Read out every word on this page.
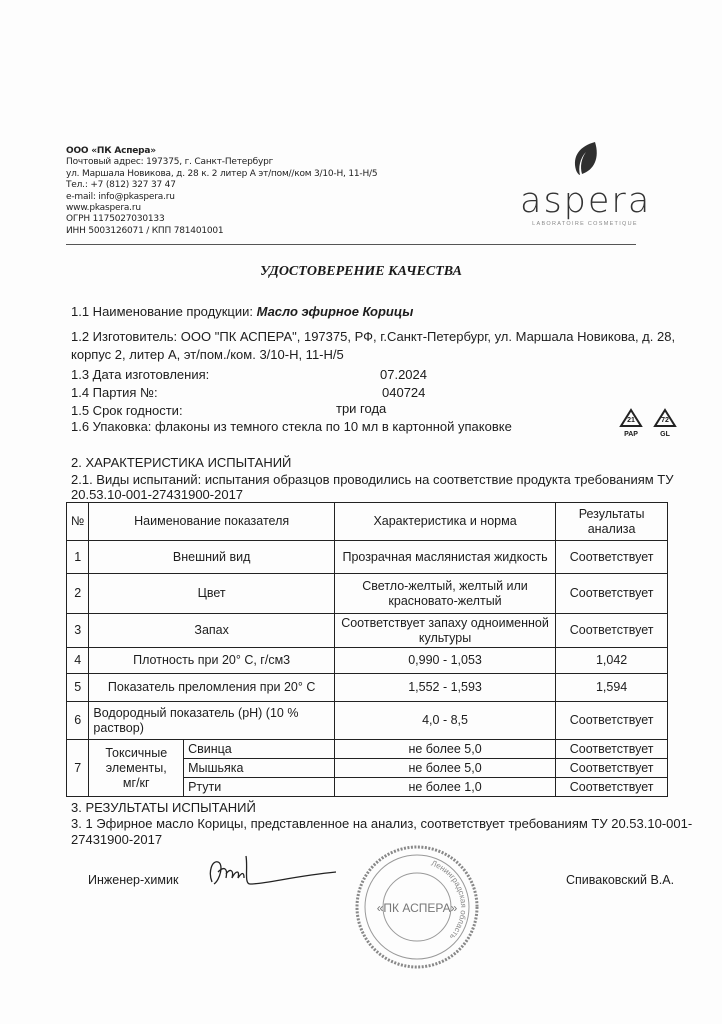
ООО «ПК Аспера»
Почтовый адрес: 197375, г. Санкт-Петербург
ул. Маршала Новикова, д. 28 к. 2 литер А эт/пом//ком 3/10-Н, 11-Н/5
Тел.: +7 (812) 327 37 47
e-mail: info@pkaspera.ru
www.pkaspera.ru
ОГРН 1175027030133
ИНН 5003126071 / КПП 781401001
aspera
LABORATOIRE COSMETIQUE
УДОСТОВЕРЕНИЕ КАЧЕСТВА
1.1 Наименование продукции: Масло эфирное Корицы
1.2 Изготовитель: ООО "ПК АСПЕРА", 197375, РФ, г.Санкт-Петербург, ул. Маршала Новикова, д. 28,
корпус 2, литер А, эт/пом./ком. 3/10-Н, 11-Н/5
1.3 Дата изготовления:	07.2024
1.4 Партия №:	040724
1.5 Срок годности:	три года
1.6 Упаковка: флаконы из темного стекла по 10 мл в картонной упаковке	21
PAP
72
GL
2. ХАРАКТЕРИСТИКА ИСПЫТАНИЙ
2.1. Виды испытаний: испытания образцов проводились на соответствие продукта требованиям ТУ
20.53.10-001-27431900-2017
№	Наименование показателя		Характеристика и норма	Результаты
анализа

1	Внешний вид		Прозрачная маслянистая жидкость	Соответствует
2	Цвет		Светло-желтый, желтый или
красновато-желтый	Соответствует
3	Запах		Соответствует запаху одноименной
культуры	Соответствует
4	Плотность при 20° С, г/см3		0,990 - 1,053	1,042
5	Показатель преломления при 20° С		1,552 - 1,593	1,594
6	Водородный показатель (pH) (10 %
раствор)		4,0 - 8,5	Соответствует
7	Токсичные
элементы,
мг/кг	Свинца	не более 5,0	Соответствует
		Мышьяка	не более 5,0	Соответствует
		Ртути	не более 1,0	Соответствует
3. РЕЗУЛЬТАТЫ ИСПЫТАНИЙ
3. 1 Эфирное масло Корицы, представленное на анализ, соответствует требованиям ТУ 20.53.10-001-
27431900-2017
Инженер-химик
Ленинградская область
«ПК АСПЕРА»
Спиваковский В.А.
